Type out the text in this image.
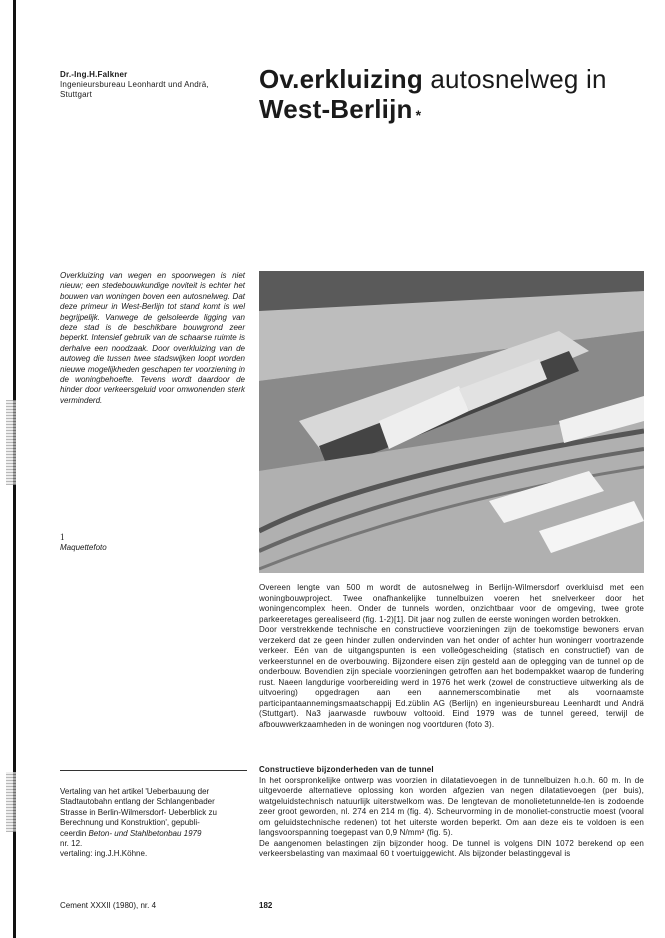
Dr.-Ing.H.Falkner
Ingenieursbureau Leonhardt und Andrä,
Stuttgart
Ov.erkluizing autosnelweg in
West-Berlijn *
Overkluizing van wegen en spoorwegen is niet nieuw; een stedebouwkundige noviteit is echter het bouwen van woningen boven een autosnelweg. Dat deze primeur in West-Berlijn tot stand komt is wel begrijpelijk. Vanwege de gelsoleerde ligging van deze stad is de beschikbare bouwgrond zeer beperkt. Intensief gebruik van de schaarse ruimte is derhalve een noodzaak. Door overkluizing van de autoweg die tussen twee stadswijken loopt worden nieuwe mogelijkheden geschapen ter voorziening in de woningbehoefte. Tevens wordt daardoor de hinder door verkeersgeluid voor omwonenden sterk verminderd.
1
Maquettefoto

Overeen lengte van 500 m wordt de autosnelweg in Berlijn-Wilmersdorf overkluisd met een woningbouwproject. Twee onafhankelijke tunnelbuizen voeren het snelverkeer door het woningencomplex heen. Onder de tunnels worden, onzichtbaar voor de omgeving, twee grote parkeeretages gerealiseerd (fig. 1-2)[1]. Dit jaar nog zullen de eerste woningen worden betrokken.

Door verstrekkende technische en constructieve voorzieningen zijn de toekomstige bewoners ervan verzekerd dat ze geen hinder zullen ondervinden van het onder of achter hun woningerr voortrazende verkeer. Eén van de uitgangspunten is een volleögescheiding (statisch en constructief) van de verkeerstunnel en de overbouwing. Bijzondere eisen zijn gesteld aan de oplegging van de tunnel op de onderbouw. Bovendien zijn speciale voorzieningen getroffen aan het bodempakket waarop de fundering rust. Naeen langdurige voorbereiding werd in 1976 het werk (zowel de constructieve uitwerking als de uitvoering) opgedragen aan een aannemerscombinatie met als voornaamste participantaannemingsmaatschappij Ed.züblin AG (Berlijn) en ingenieursbureau Leenhardt und Andrä (Stuttgart). Na3 jaarwasde ruwbouw voltooid. Eind 1979 was de tunnel gereed, terwijl de afbouwwerkzaamheden in de woningen nog voortduren (foto 3).

Constructieve bijzonderheden van de tunnel

In het oorspronkelijke ontwerp was voorzien in dilatatievoegen in de tunnelbuizen h.o.h. 60 m. In de uitgevoerde alternatieve oplossing kon worden afgezien van negen dilatatievoegen (per buis), watgeluidstechnisch natuurlijk uiterstwelkom was. De lengtevan de monolietetunnelde-len is zodoende zeer groot geworden, nl. 274 en 214 m (fig. 4). Scheurvorming in de monoliet-constructie moest (vooral om geluidstechnische redenen) tot het uiterste worden beperkt. Om aan deze eis te voldoen is een langsvoorspanning toegepast van 0,9 N/mm² (fig. 5).

De aangenomen belastingen zijn bijzonder hoog. De tunnel is volgens DIN 1072 berekend op een verkeersbelasting van maximaal 60 t voertuiggewicht. Als bijzonder belastinggeval is

Vertaling van het artikel 'Ueberbauung der
Stadtautobahn entlang der Schlangenbader
Strasse in Berlin-Wilmersdorf- Ueberblick zu
Berechnung und Konstruktion', gepubli-
ceerdin Beton- und Stahlbetonbau 1979
nr. 12.
vertaling: ing.J.H.Köhne.
Cement XXXII (1980), nr. 4	182
